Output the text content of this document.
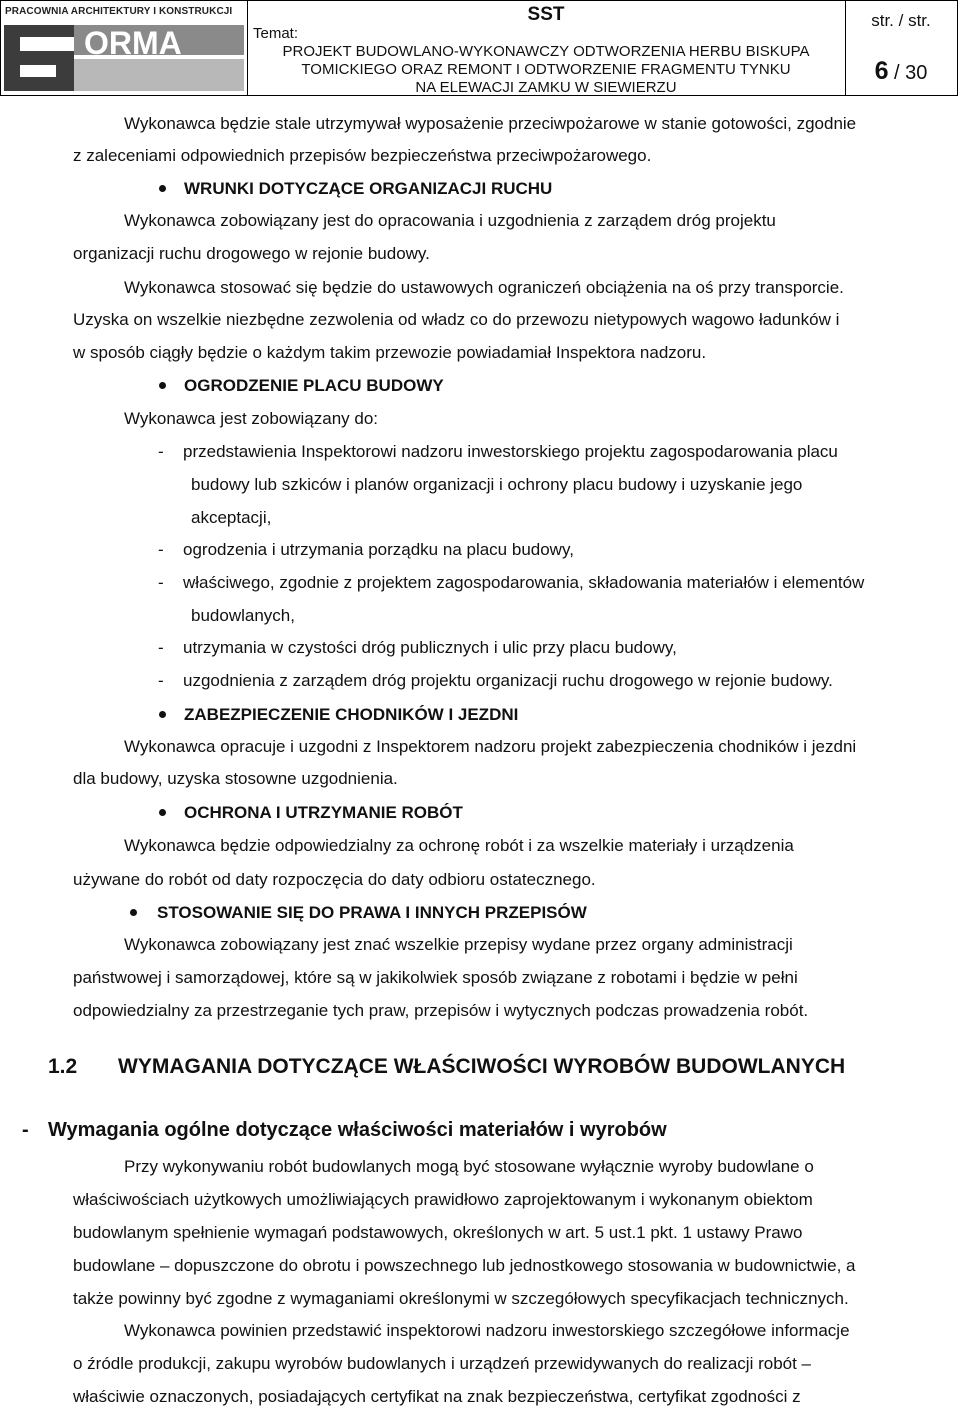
PRACOWNIA ARCHITEKTURY I KONSTRUKCJI
ORMA
SST
Temat:
PROJEKT BUDOWLANO-WYKONAWCZY ODTWORZENIA HERBU BISKUPA
TOMICKIEGO ORAZ REMONT I ODTWORZENIE FRAGMENTU TYNKU
NA ELEWACJI ZAMKU W SIEWIERZU
str. / str.
6 / 30
Wykonawca będzie stale utrzymywał wyposażenie przeciwpożarowe w stanie gotowości, zgodnie
z zaleceniami odpowiednich przepisów bezpieczeństwa przeciwpożarowego.
WRUNKI DOTYCZĄCE ORGANIZACJI RUCHU
Wykonawca zobowiązany jest do opracowania i uzgodnienia z zarządem dróg projektu
organizacji ruchu drogowego w rejonie budowy.
Wykonawca stosować się będzie do ustawowych ograniczeń obciążenia na oś przy transporcie.
Uzyska on wszelkie niezbędne zezwolenia od władz co do przewozu nietypowych wagowo ładunków i
w sposób ciągły będzie o każdym takim przewozie powiadamiał Inspektora nadzoru.
OGRODZENIE PLACU BUDOWY
Wykonawca jest zobowiązany do:
- przedstawienia Inspektorowi nadzoru inwestorskiego projektu zagospodarowania placu
budowy lub szkiców i planów organizacji i ochrony placu budowy i uzyskanie jego
akceptacji,
- ogrodzenia i utrzymania porządku na placu budowy,
- właściwego, zgodnie z projektem zagospodarowania, składowania materiałów i elementów
budowlanych,
- utrzymania w czystości dróg publicznych i ulic przy placu budowy,
- uzgodnienia z zarządem dróg projektu organizacji ruchu drogowego w rejonie budowy.
ZABEZPIECZENIE CHODNIKÓW I JEZDNI
Wykonawca opracuje i uzgodni z Inspektorem nadzoru projekt zabezpieczenia chodników i jezdni
dla budowy, uzyska stosowne uzgodnienia.
OCHRONA I UTRZYMANIE ROBÓT
Wykonawca będzie odpowiedzialny za ochronę robót i za wszelkie materiały i urządzenia
używane do robót od daty rozpoczęcia do daty odbioru ostatecznego.
STOSOWANIE SIĘ DO PRAWA I INNYCH PRZEPISÓW
Wykonawca zobowiązany jest znać wszelkie przepisy wydane przez organy administracji
państwowej i samorządowej, które są w jakikolwiek sposób związane z robotami i będzie w pełni
odpowiedzialny za przestrzeganie tych praw, przepisów i wytycznych podczas prowadzenia robót.
1.2 WYMAGANIA DOTYCZĄCE WŁAŚCIWOŚCI WYROBÓW BUDOWLANYCH
- Wymagania ogólne dotyczące właściwości materiałów i wyrobów
Przy wykonywaniu robót budowlanych mogą być stosowane wyłącznie wyroby budowlane o
właściwościach użytkowych umożliwiających prawidłowo zaprojektowanym i wykonanym obiektom
budowlanym spełnienie wymagań podstawowych, określonych w art. 5 ust.1 pkt. 1 ustawy Prawo
budowlane – dopuszczone do obrotu i powszechnego lub jednostkowego stosowania w budownictwie, a
także powinny być zgodne z wymaganiami określonymi w szczegółowych specyfikacjach technicznych.
Wykonawca powinien przedstawić inspektorowi nadzoru inwestorskiego szczegółowe informacje
o źródle produkcji, zakupu wyrobów budowlanych i urządzeń przewidywanych do realizacji robót –
właściwie oznaczonych, posiadających certyfikat na znak bezpieczeństwa, certyfikat zgodności z
